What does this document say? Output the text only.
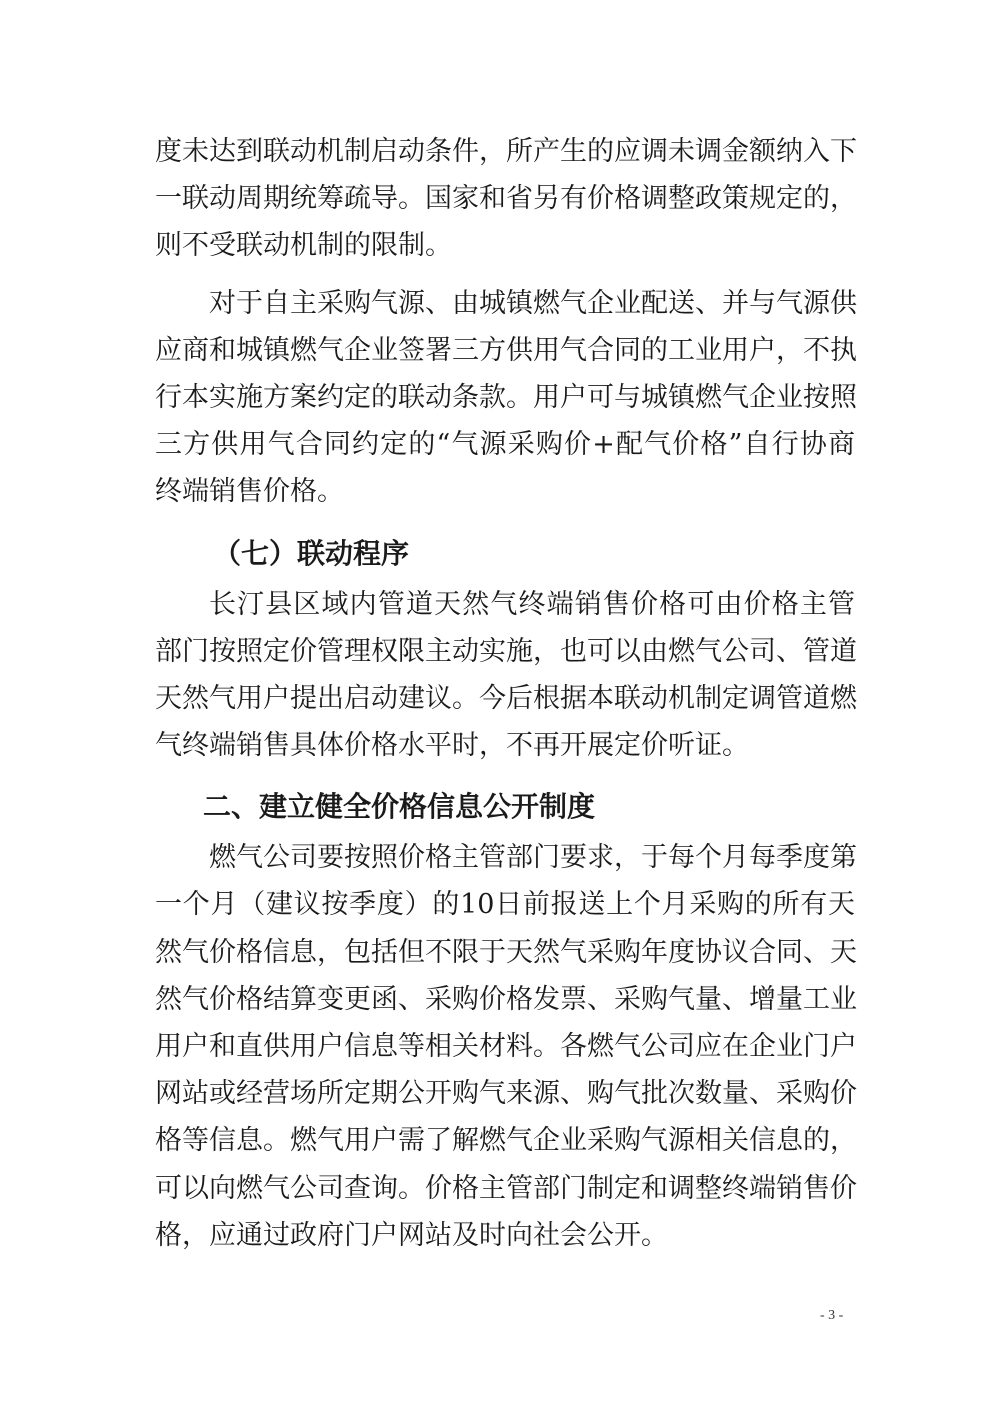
度未达到联动机制启动条件，所产生的应调未调金额纳入下
一联动周期统筹疏导。国家和省另有价格调整政策规定的，
则不受联动机制的限制。
对于自主采购气源、由城镇燃气企业配送、并与气源供
应商和城镇燃气企业签署三方供用气合同的工业用户，不执
行本实施方案约定的联动条款。用户可与城镇燃气企业按照
三方供用气合同约定的“气源采购价+配气价格”自行协商
终端销售价格。
（七）联动程序
长汀县区域内管道天然气终端销售价格可由价格主管
部门按照定价管理权限主动实施，也可以由燃气公司、管道
天然气用户提出启动建议。今后根据本联动机制定调管道燃
气终端销售具体价格水平时，不再开展定价听证。
二、建立健全价格信息公开制度
燃气公司要按照价格主管部门要求，于每个月每季度第
一个月（建议按季度）的10日前报送上个月采购的所有天
然气价格信息，包括但不限于天然气采购年度协议合同、天
然气价格结算变更函、采购价格发票、采购气量、增量工业
用户和直供用户信息等相关材料。各燃气公司应在企业门户
网站或经营场所定期公开购气来源、购气批次数量、采购价
格等信息。燃气用户需了解燃气企业采购气源相关信息的，
可以向燃气公司查询。价格主管部门制定和调整终端销售价
格，应通过政府门户网站及时向社会公开。
- 3 -
